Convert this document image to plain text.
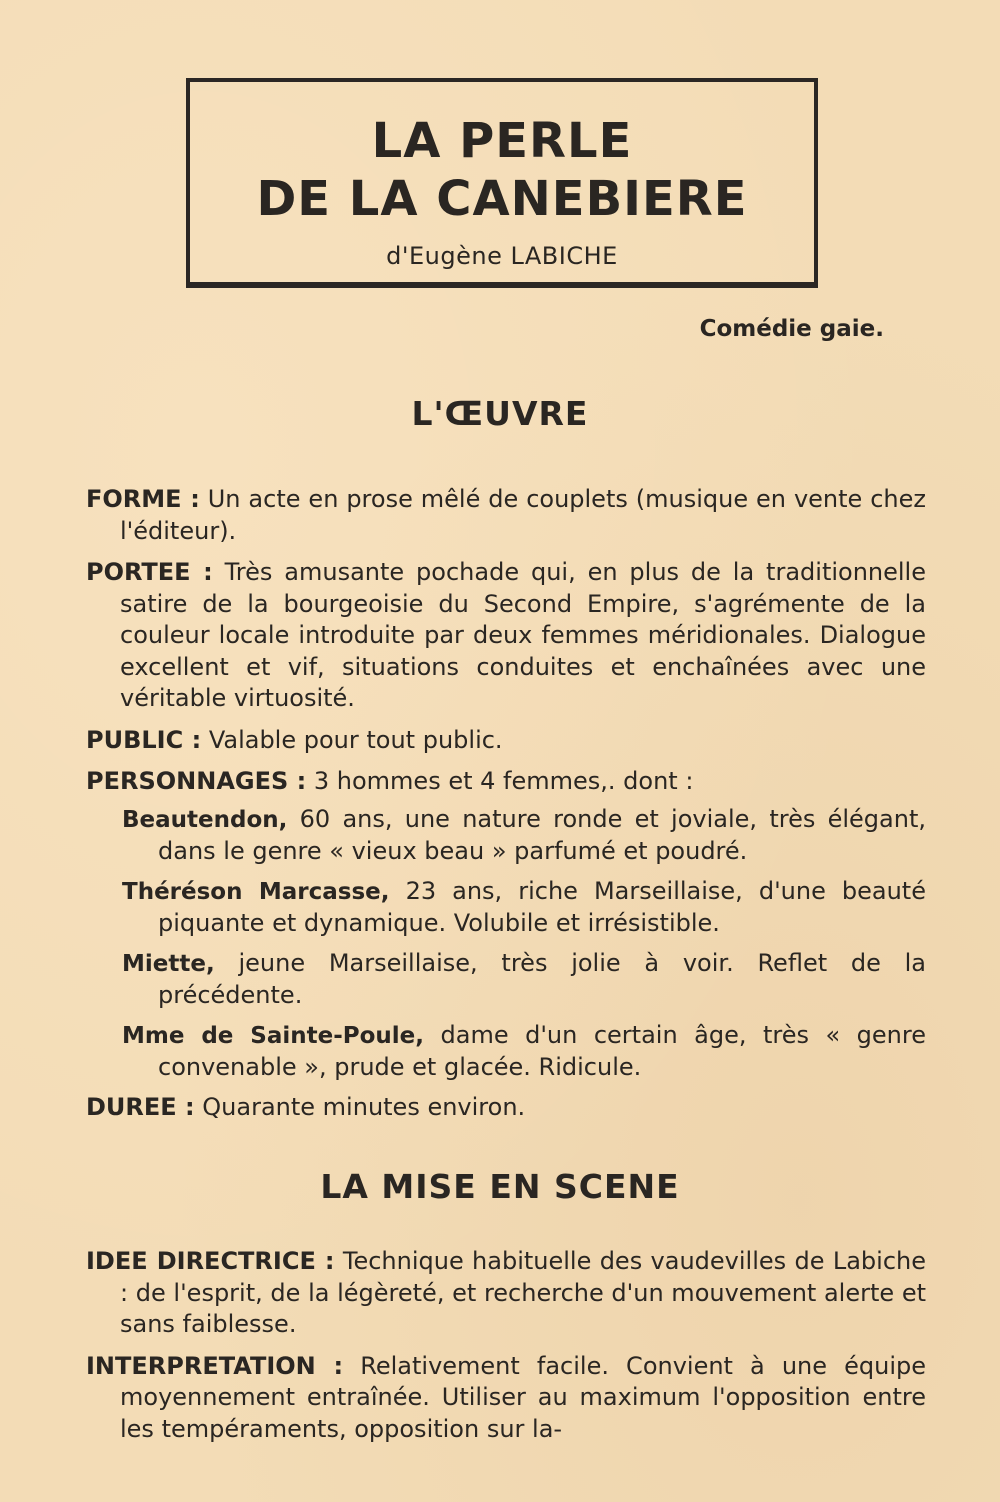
LA PERLE
DE LA CANEBIERE
d'Eugène LABICHE
Comédie gaie.
L'ŒUVRE
FORME : Un acte en prose mêlé de couplets (musique en vente chez l'éditeur).
PORTEE : Très amusante pochade qui, en plus de la traditionnelle satire de la bourgeoisie du Second Empire, s'agrémente de la couleur locale introduite par deux femmes méridionales. Dialogue excellent et vif, situations conduites et enchaînées avec une véritable virtuosité.
PUBLIC : Valable pour tout public.
PERSONNAGES : 3 hommes et 4 femmes,. dont :
Beautendon, 60 ans, une nature ronde et joviale, très élégant, dans le genre « vieux beau » parfumé et poudré.
Théréson Marcasse, 23 ans, riche Marseillaise, d'une beauté piquante et dynamique. Volubile et irrésistible.
Miette, jeune Marseillaise, très jolie à voir. Reflet de la précédente.
Mme de Sainte-Poule, dame d'un certain âge, très « genre convenable », prude et glacée. Ridicule.
DUREE : Quarante minutes environ.
LA MISE EN SCENE
IDEE DIRECTRICE : Technique habituelle des vaudevilles de Labiche : de l'esprit, de la légèreté, et recherche d'un mouvement alerte et sans faiblesse.
INTERPRETATION : Relativement facile. Convient à une équipe moyennement entraînée. Utiliser au maximum l'opposition entre les tempéraments, opposition sur la-
